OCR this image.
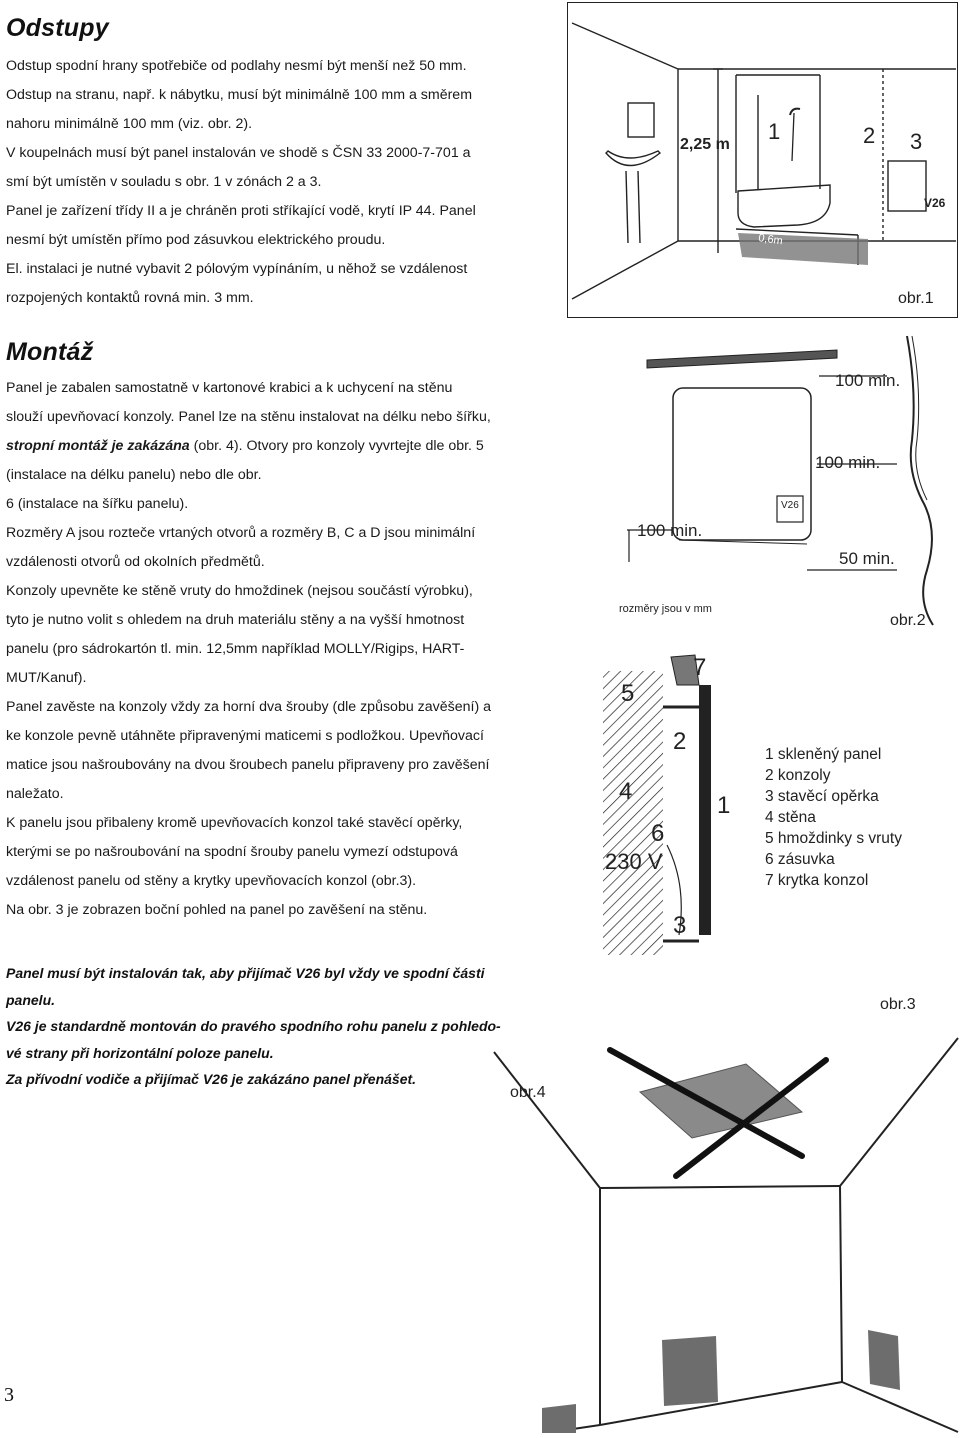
Odstupy

Odstup spodní hrany spotřebiče od podlahy nesmí být menší než 50 mm.

Odstup na stranu, např. k nábytku, musí být minimálně 100 mm a směrem

nahoru minimálně 100 mm (viz. obr. 2).

V koupelnách musí být panel instalován ve shodě s ČSN 33 2000-7-701 a

smí být umístěn v souladu s obr. 1 v zónách 2 a 3.

Panel je zařízení třídy II a je chráněn proti stříkající vodě, krytí IP 44. Panel

nesmí být umístěn přímo pod zásuvkou elektrického proudu.

El. instalaci je nutné vybavit 2 pólovým vypínáním, u něhož se vzdálenost

rozpojených kontaktů rovná min. 3 mm.

Montáž

Panel je zabalen samostatně v kartonové krabici a k uchycení na stěnu

slouží upevňovací konzoly. Panel lze na stěnu instalovat na délku nebo šířku,

stropní montáž je zakázána (obr. 4). Otvory pro konzoly vyvrtejte dle obr. 5

(instalace na délku panelu) nebo dle obr.

6 (instalace na šířku panelu).

Rozměry A jsou rozteče vrtaných otvorů a rozměry B, C a D jsou minimální

vzdálenosti otvorů od okolních předmětů.

Konzoly upevněte ke stěně vruty do hmoždinek (nejsou součástí výrobku),

tyto je nutno volit s ohledem na druh materiálu stěny a na vyšší hmotnost

panelu (pro sádrokartón tl. min. 12,5mm například MOLLY/Rigips, HART-

MUT/Kanuf).

Panel zavěste na konzoly vždy za horní dva šrouby (dle způsobu zavěšení) a

ke konzole pevně utáhněte připravenými maticemi s podložkou. Upevňovací

matice jsou našroubovány na dvou šroubech panelu připraveny pro zavěšení

naležato.

K panelu jsou přibaleny kromě upevňovacích konzol také stavěcí opěrky,

kterými se po našroubování na spodní šrouby panelu vymezí odstupová

vzdálenost panelu od stěny a krytky upevňovacích konzol (obr.3).

Na obr. 3 je zobrazen boční pohled na panel po zavěšení na stěnu.

Panel musí být instalován tak, aby přijímač V26 byl vždy ve spodní části

panelu.

V26 je standardně montován do pravého spodního rohu panelu z pohledo-

vé strany při horizontální poloze panelu.

Za přívodní vodiče a přijímač V26 je zakázáno panel přenášet.

3
2,25 m
1	2 3
V26
0,6m
obr.1
100 min.
100 min.
V26
100 min.
50 min.
rozměry jsou v mm
obr.2
7
5
2
4
1
6
230 V
3
1 skleněný panel
2 konzoly
3 stavěcí opěrka
4 stěna
5 hmoždinky s vruty
6 zásuvka
7 krytka konzol
obr.3
obr.4
